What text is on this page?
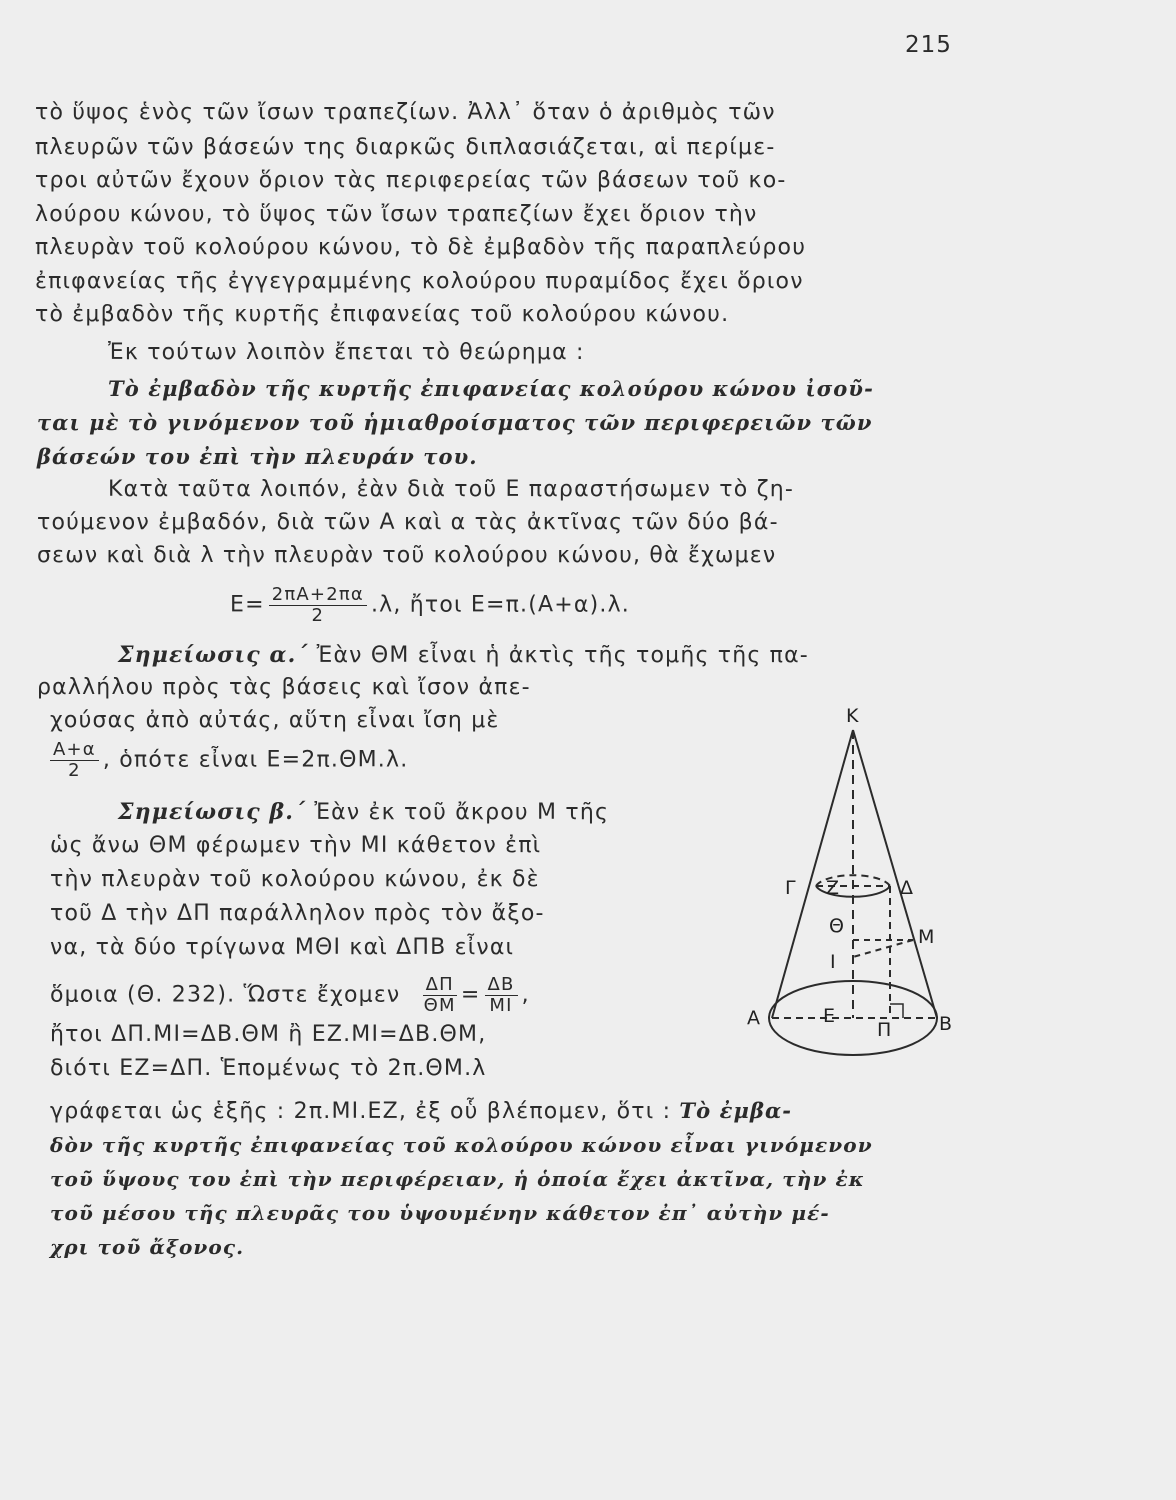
215
τὸ ὕψος ἑνὸς τῶν ἴσων τραπεζίων. Ἀλλ᾽ ὅταν ὁ ἀριθμὸς τῶν
πλευρῶν τῶν βάσεών της διαρκῶς διπλασιάζεται, αἱ περίμε-
τροι αὐτῶν ἔχουν ὅριον τὰς περιφερείας τῶν βάσεων τοῦ κο-
λούρου κώνου, τὸ ὕψος τῶν ἴσων τραπεζίων ἔχει ὅριον τὴν
πλευρὰν τοῦ κολούρου κώνου, τὸ δὲ ἐμβαδὸν τῆς παραπλεύρου
ἐπιφανείας τῆς ἐγγεγραμμένης κολούρου πυραμίδος ἔχει ὅριον
τὸ ἐμβαδὸν τῆς κυρτῆς ἐπιφανείας τοῦ κολούρου κώνου.
Ἐκ τούτων λοιπὸν ἔπεται τὸ θεώρημα :
Τὸ ἐμβαδὸν τῆς κυρτῆς ἐπιφανείας κολούρου κώνου ἰσοῦ-
ται μὲ τὸ γινόμενον τοῦ ἡμιαθροίσματος τῶν περιφερειῶν τῶν
βάσεών του ἐπὶ τὴν πλευράν του.
Κατὰ ταῦτα λοιπόν, ἐὰν διὰ τοῦ Ε παραστήσωμεν τὸ ζη-
τούμενον ἐμβαδόν, διὰ τῶν Α καὶ α τὰς ἀκτῖνας τῶν δύο βά-
σεων καὶ διὰ λ τὴν πλευρὰν τοῦ κολούρου κώνου, θὰ ἔχωμεν
$E= \frac{2\pi A+2\pi\alpha}{2} .\lambda$, ἤτοι Ε=π.(Α+α).λ.
Σημείωσις α.΄ Ἐὰν ΘΜ εἶναι ἡ ἀκτὶς τῆς τομῆς τῆς πα-
ραλλήλου πρὸς τὰς βάσεις καὶ ἴσον ἀπε-
χούσας ἀπὸ αὐτάς, αὕτη εἶναι ἴση μὲ
$\frac{A+\alpha}{2}$ , ὁπότε εἶναι Ε=2π.ΘΜ.λ.
Σημείωσις β.΄ Ἐὰν ἐκ τοῦ ἄκρου Μ τῆς
ὡς ἄνω ΘΜ φέρωμεν τὴν ΜΙ κάθετον ἐπὶ
τὴν πλευρὰν τοῦ κολούρου κώνου, ἐκ δὲ
τοῦ Δ τὴν ΔΠ παράλληλον πρὸς τὸν ἄξο-
να, τὰ δύο τρίγωνα ΜΘΙ καὶ ΔΠΒ εἶναι
ὅμοια (Θ. 232). Ὥστε ἔχομεν $\frac{\Delta\Pi}{\Theta M} = \frac{\Delta B}{MI}$ ,
ἤτοι ΔΠ.ΜΙ=ΔΒ.ΘΜ ἢ ΕΖ.ΜΙ=ΔΒ.ΘΜ,
διότι ΕΖ=ΔΠ. Ἑπομένως τὸ 2π.ΘΜ.λ
γράφεται ὡς ἑξῆς : 2π.ΜΙ.ΕΖ, ἐξ οὗ βλέπομεν, ὅτι : Τὸ ἐμβα-
δὸν τῆς κυρτῆς ἐπιφανείας τοῦ κολούρου κώνου εἶναι γινόμενον
τοῦ ὕψους του ἐπὶ τὴν περιφέρειαν, ἡ ὁποία ἔχει ἀκτῖνα, τὴν ἐκ
τοῦ μέσου τῆς πλευρᾶς του ὑψουμένην κάθετον ἐπ᾽ αὐτὴν μέ-
χρι τοῦ ἄξονος.
K
Γ Z	Δ
Θ	M
I
Α	E
Π	B
